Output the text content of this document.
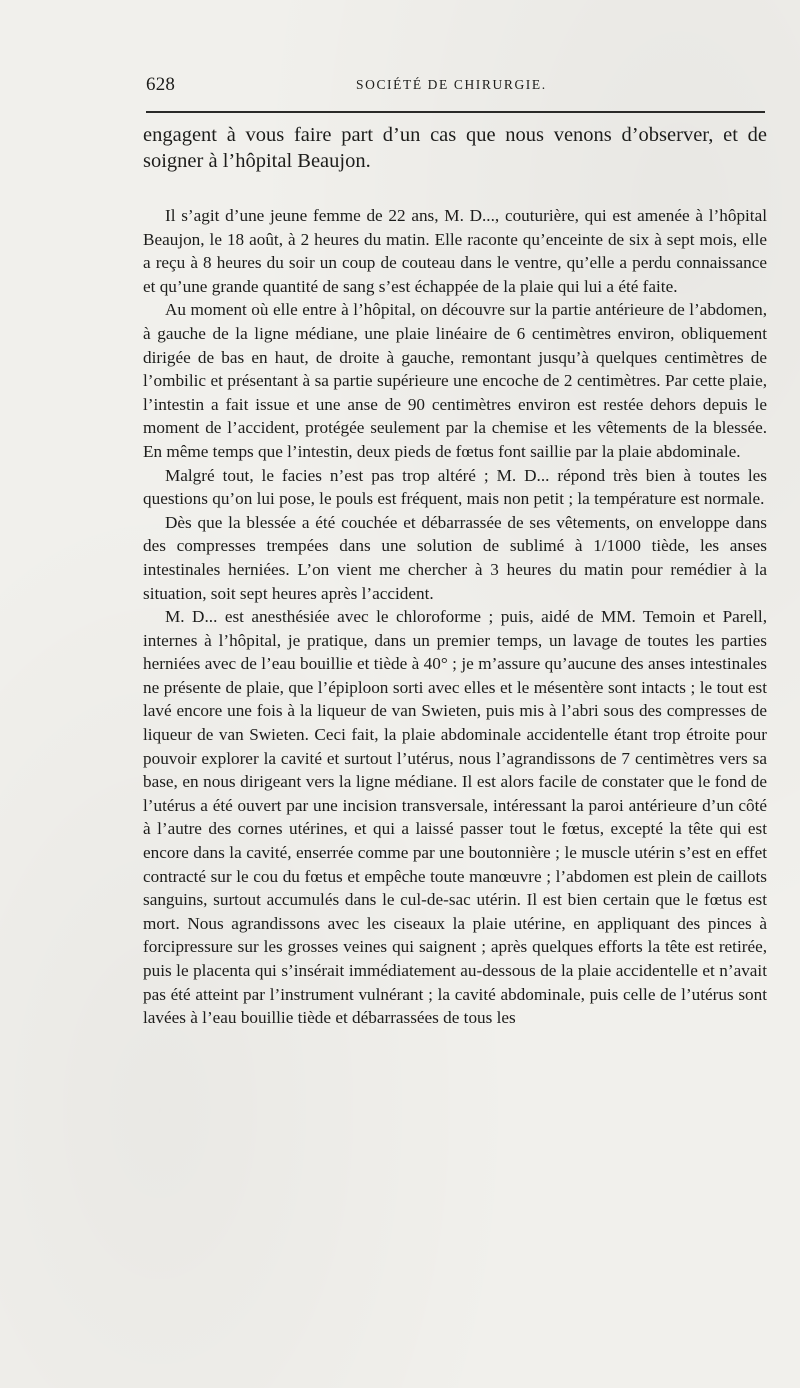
628	SOCIÉTÉ DE CHIRURGIE.

engagent à vous faire part d’un cas que nous venons d’observer, et de soigner à l’hôpital Beaujon.

Il s’agit d’une jeune femme de 22 ans, M. D..., couturière, qui est amenée à l’hôpital Beaujon, le 18 août, à 2 heures du matin. Elle raconte qu’enceinte de six à sept mois, elle a reçu à 8 heures du soir un coup de couteau dans le ventre, qu’elle a perdu connaissance et qu’une grande quantité de sang s’est échappée de la plaie qui lui a été faite.

Au moment où elle entre à l’hôpital, on découvre sur la partie antérieure de l’abdomen, à gauche de la ligne médiane, une plaie linéaire de 6 centimètres environ, obliquement dirigée de bas en haut, de droite à gauche, remontant jusqu’à quelques centimètres de l’ombilic et présentant à sa partie supérieure une encoche de 2 centimètres. Par cette plaie, l’intestin a fait issue et une anse de 90 centimètres environ est restée dehors depuis le moment de l’accident, protégée seulement par la chemise et les vêtements de la blessée. En même temps que l’intestin, deux pieds de fœtus font saillie par la plaie abdominale.

Malgré tout, le facies n’est pas trop altéré ; M. D... répond très bien à toutes les questions qu’on lui pose, le pouls est fréquent, mais non petit ; la température est normale.

Dès que la blessée a été couchée et débarrassée de ses vêtements, on enveloppe dans des compresses trempées dans une solution de sublimé à 1/1000 tiède, les anses intestinales herniées. L’on vient me chercher à 3 heures du matin pour remédier à la situation, soit sept heures après l’accident.

M. D... est anesthésiée avec le chloroforme ; puis, aidé de MM. Temoin et Parell, internes à l’hôpital, je pratique, dans un premier temps, un lavage de toutes les parties herniées avec de l’eau bouillie et tiède à 40° ; je m’assure qu’aucune des anses intestinales ne présente de plaie, que l’épiploon sorti avec elles et le mésentère sont intacts ; le tout est lavé encore une fois à la liqueur de van Swieten, puis mis à l’abri sous des compresses de liqueur de van Swieten. Ceci fait, la plaie abdominale accidentelle étant trop étroite pour pouvoir explorer la cavité et surtout l’utérus, nous l’agrandissons de 7 centimètres vers sa base, en nous dirigeant vers la ligne médiane. Il est alors facile de constater que le fond de l’utérus a été ouvert par une incision transversale, intéressant la paroi antérieure d’un côté à l’autre des cornes utérines, et qui a laissé passer tout le fœtus, excepté la tête qui est encore dans la cavité, enserrée comme par une boutonnière ; le muscle utérin s’est en effet contracté sur le cou du fœtus et empêche toute manœuvre ; l’abdomen est plein de caillots sanguins, surtout accumulés dans le cul-de-sac utérin. Il est bien certain que le fœtus est mort. Nous agrandissons avec les ciseaux la plaie utérine, en appliquant des pinces à forcipressure sur les grosses veines qui saignent ; après quelques efforts la tête est retirée, puis le placenta qui s’insérait immédiatement au-dessous de la plaie accidentelle et n’avait pas été atteint par l’instrument vulnérant ; la cavité abdominale, puis celle de l’utérus sont lavées à l’eau bouillie tiède et débarrassées de tous les
